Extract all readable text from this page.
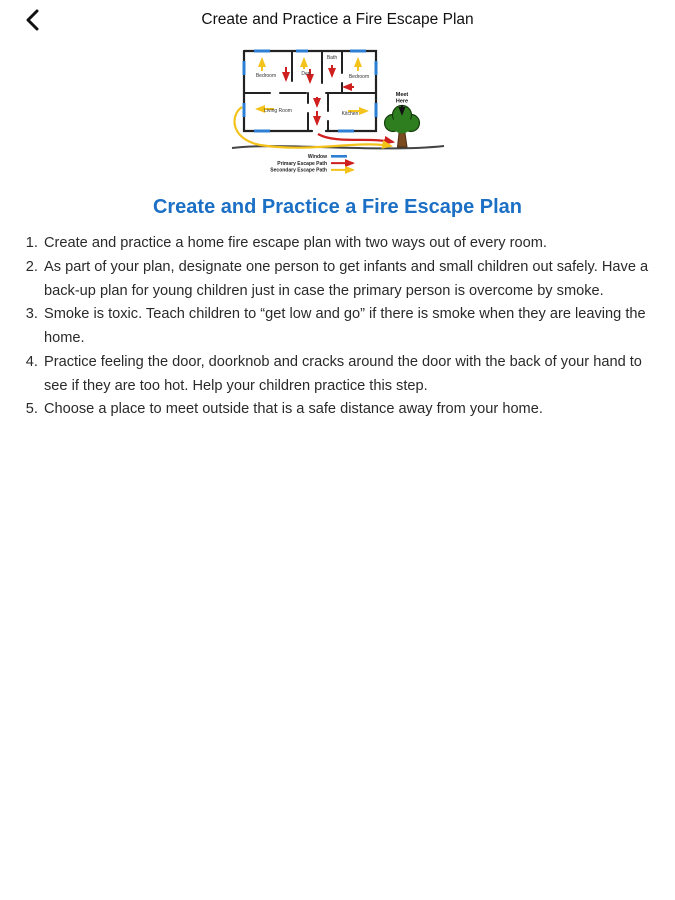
Create and Practice a Fire Escape Plan
Meet
Here
Bedroom	Den
Bath
Bedroom
Living Room	Kitchen
Window
Primary Escape Path
Secondary Escape Path
Create and Practice a Fire Escape Plan
1. Create and practice a home fire escape plan with two ways out of every room.
2. As part of your plan, designate one person to get infants and small children out safely. Have a back-up plan for young children just in case the primary person is overcome by smoke.
3. Smoke is toxic. Teach children to “get low and go” if there is smoke when they are leaving the home.
4. Practice feeling the door, doorknob and cracks around the door with the back of your hand to see if they are too hot. Help your children practice this step.
5. Choose a place to meet outside that is a safe distance away from your home.
